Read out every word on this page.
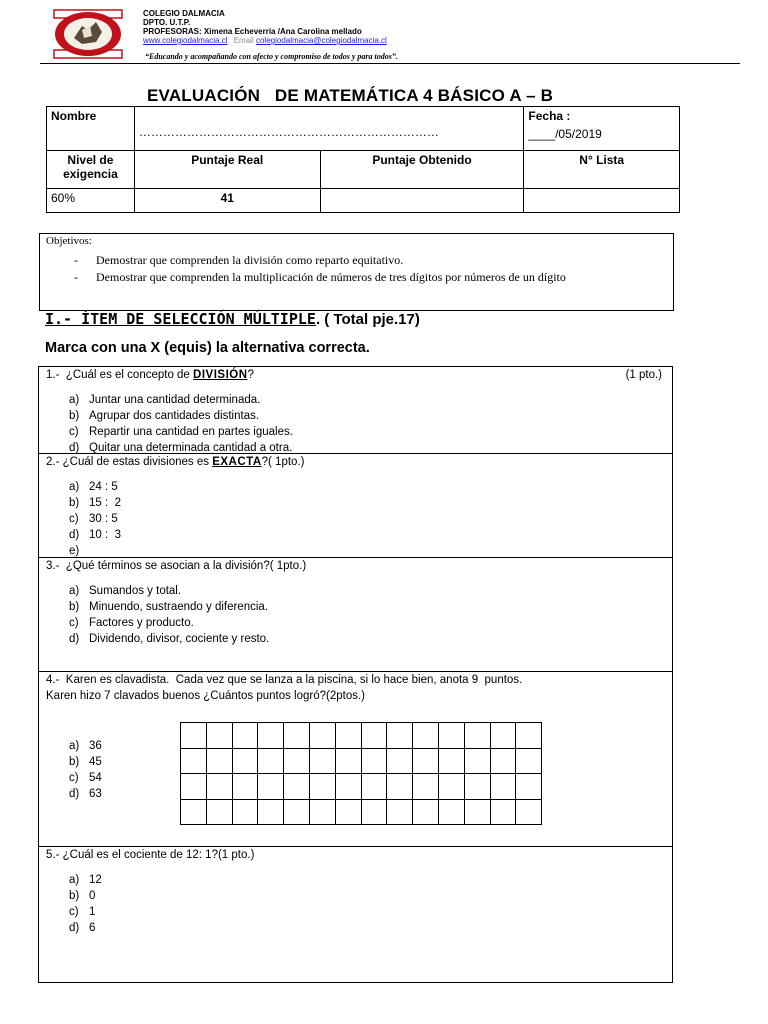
COLEGIO DALMACIA
DPTO. U.T.P.
PROFESORAS: Ximena Echeverría /Ana Carolina mellado
www.colegiodalmacia.cl Email colegiodalmacia@colegiodalmacia.cl
“Educando y acompañando con afecto y compromiso de todos y para todos”.
EVALUACIÓN   DE MATEMÁTICA 4 BÁSICO A – B
Nombre	…………………………………………………………………		Fecha :
____/05/2019

Nivel de exigencia	Puntaje Real	Puntaje Obtenido	N° Lista
60%	41		
Objetivos:
- Demostrar que comprenden la división como reparto equitativo.
- Demostrar que comprenden la multiplicación de números de tres dígitos por números de un dígito
I.- ÍTEM DE SELECCIÓN MÚLTIPLE. ( Total pje.17)
Marca con una X (equis) la alternativa correcta.
1.-  ¿Cuál es el concepto de DIVISIÓN?	(1 pto.)
a) Juntar una cantidad determinada.
b) Agrupar dos cantidades distintas.
c) Repartir una cantidad en partes iguales.
d) Quitar una determinada cantidad a otra.
2.- ¿Cuál de estas divisiones es EXACTA?( 1pto.)
a) 24 : 5
b) 15 :  2
c) 30 : 5
d) 10 :  3
e)
3.-  ¿Qué términos se asocian a la división?( 1pto.)
a) Sumandos y total.
b) Minuendo, sustraendo y diferencia.
c) Factores y producto.
d) Dividendo, divisor, cociente y resto.
4.-  Karen es clavadista.  Cada vez que se lanza a la piscina, si lo hace bien, anota 9  puntos.
Karen hizo 7 clavados buenos ¿Cuántos puntos logró?(2ptos.)
a) 36
b) 45
c) 54
d) 63

5.- ¿Cuál es el cociente de 12: 1?(1 pto.)
a) 12
b) 0
c) 1
d) 6
